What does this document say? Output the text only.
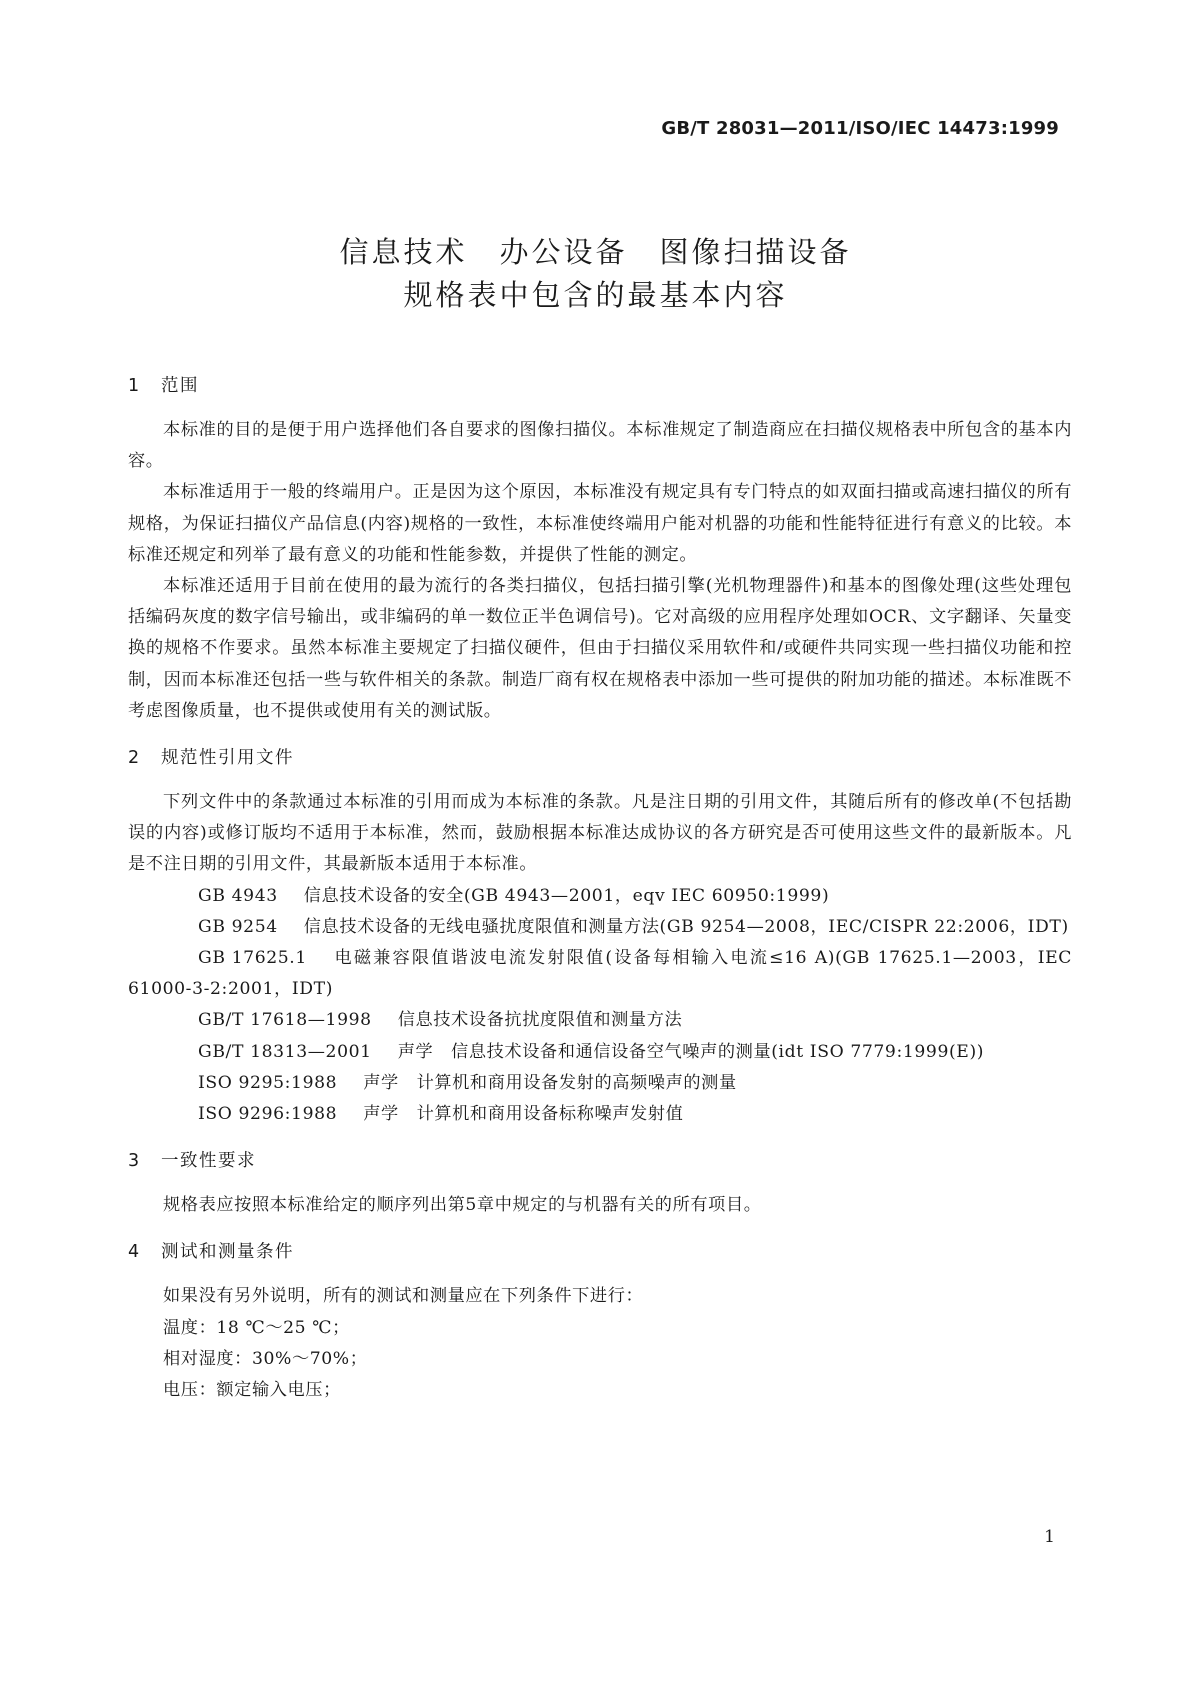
GB/T 28031—2011/ISO/IEC 14473:1999
信息技术 办公设备 图像扫描设备
规格表中包含的最基本内容
1 范围

本标准的目的是便于用户选择他们各自要求的图像扫描仪。本标准规定了制造商应在扫描仪规格表中所包含的基本内容。

本标准适用于一般的终端用户。正是因为这个原因，本标准没有规定具有专门特点的如双面扫描或高速扫描仪的所有规格，为保证扫描仪产品信息(内容)规格的一致性，本标准使终端用户能对机器的功能和性能特征进行有意义的比较。本标准还规定和列举了最有意义的功能和性能参数，并提供了性能的测定。

本标准还适用于目前在使用的最为流行的各类扫描仪，包括扫描引擎(光机物理器件)和基本的图像处理(这些处理包括编码灰度的数字信号输出，或非编码的单一数位正半色调信号)。它对高级的应用程序处理如OCR、文字翻译、矢量变换的规格不作要求。虽然本标准主要规定了扫描仪硬件，但由于扫描仪采用软件和/或硬件共同实现一些扫描仪功能和控制，因而本标准还包括一些与软件相关的条款。制造厂商有权在规格表中添加一些可提供的附加功能的描述。本标准既不考虑图像质量，也不提供或使用有关的测试版。

2 规范性引用文件

下列文件中的条款通过本标准的引用而成为本标准的条款。凡是注日期的引用文件，其随后所有的修改单(不包括勘误的内容)或修订版均不适用于本标准，然而，鼓励根据本标准达成协议的各方研究是否可使用这些文件的最新版本。凡是不注日期的引用文件，其最新版本适用于本标准。

GB 4943 信息技术设备的安全(GB 4943—2001，eqv IEC 60950:1999)

GB 9254 信息技术设备的无线电骚扰度限值和测量方法(GB 9254—2008，IEC/CISPR 22:2006，IDT)

GB 17625.1 电磁兼容限值谐波电流发射限值(设备每相输入电流≤16 A)(GB 17625.1—2003，IEC 61000-3-2:2001，IDT)

GB/T 17618—1998 信息技术设备抗扰度限值和测量方法

GB/T 18313—2001 声学　信息技术设备和通信设备空气噪声的测量(idt ISO 7779:1999(E))

ISO 9295:1988 声学　计算机和商用设备发射的高频噪声的测量

ISO 9296:1988 声学　计算机和商用设备标称噪声发射值

3 一致性要求

规格表应按照本标准给定的顺序列出第5章中规定的与机器有关的所有项目。

4 测试和测量条件

如果没有另外说明，所有的测试和测量应在下列条件下进行：

温度：18 ℃～25 ℃；

相对湿度：30%～70%；

电压：额定输入电压；

1
